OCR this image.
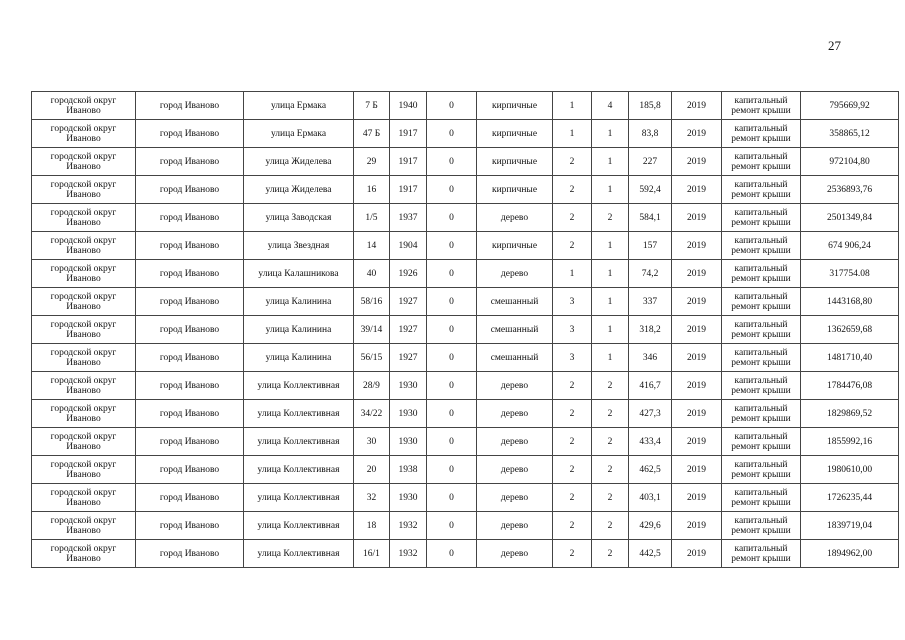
27
городской округ Иваново	город Иваново	улица Ермака	7 Б	1940	0	кирпичные	1	4	185,8	2019	капитальный ремонт крыши	795669,92
городской округ Иваново	город Иваново	улица Ермака	47 Б	1917	0	кирпичные	1	1	83,8	2019	капитальный ремонт крыши	358865,12
городской округ Иваново	город Иваново	улица Жиделева	29	1917	0	кирпичные	2	1	227	2019	капитальный ремонт крыши	972104,80
городской округ Иваново	город Иваново	улица Жиделева	16	1917	0	кирпичные	2	1	592,4	2019	капитальный ремонт крыши	2536893,76
городской округ Иваново	город Иваново	улица Заводская	1/5	1937	0	дерево	2	2	584,1	2019	капитальный ремонт крыши	2501349,84
городской округ Иваново	город Иваново	улица Звездная	14	1904	0	кирпичные	2	1	157	2019	капитальный ремонт крыши	674 906,24
городской округ Иваново	город Иваново	улица Калашникова	40	1926	0	дерево	1	1	74,2	2019	капитальный ремонт крыши	317754.08
городской округ Иваново	город Иваново	улица Калинина	58/16	1927	0	смешанный	3	1	337	2019	капитальный ремонт крыши	1443168,80
городской округ Иваново	город Иваново	улица Калинина	39/14	1927	0	смешанный	3	1	318,2	2019	капитальный ремонт крыши	1362659,68
городской округ Иваново	город Иваново	улица Калинина	56/15	1927	0	смешанный	3	1	346	2019	капитальный ремонт крыши	1481710,40
городской округ Иваново	город Иваново	улица Коллективная	28/9	1930	0	дерево	2	2	416,7	2019	капитальный ремонт крыши	1784476,08
городской округ Иваново	город Иваново	улица Коллективная	34/22	1930	0	дерево	2	2	427,3	2019	капитальный ремонт крыши	1829869,52
городской округ Иваново	город Иваново	улица Коллективная	30	1930	0	дерево	2	2	433,4	2019	капитальный ремонт крыши	1855992,16
городской округ Иваново	город Иваново	улица Коллективная	20	1938	0	дерево	2	2	462,5	2019	капитальный ремонт крыши	1980610,00
городской округ Иваново	город Иваново	улица Коллективная	32	1930	0	дерево	2	2	403,1	2019	капитальный ремонт крыши	1726235,44
городской округ Иваново	город Иваново	улица Коллективная	18	1932	0	дерево	2	2	429,6	2019	капитальный ремонт крыши	1839719,04
городской округ Иваново	город Иваново	улица Коллективная	16/1	1932	0	дерево	2	2	442,5	2019	капитальный ремонт крыши	1894962,00
